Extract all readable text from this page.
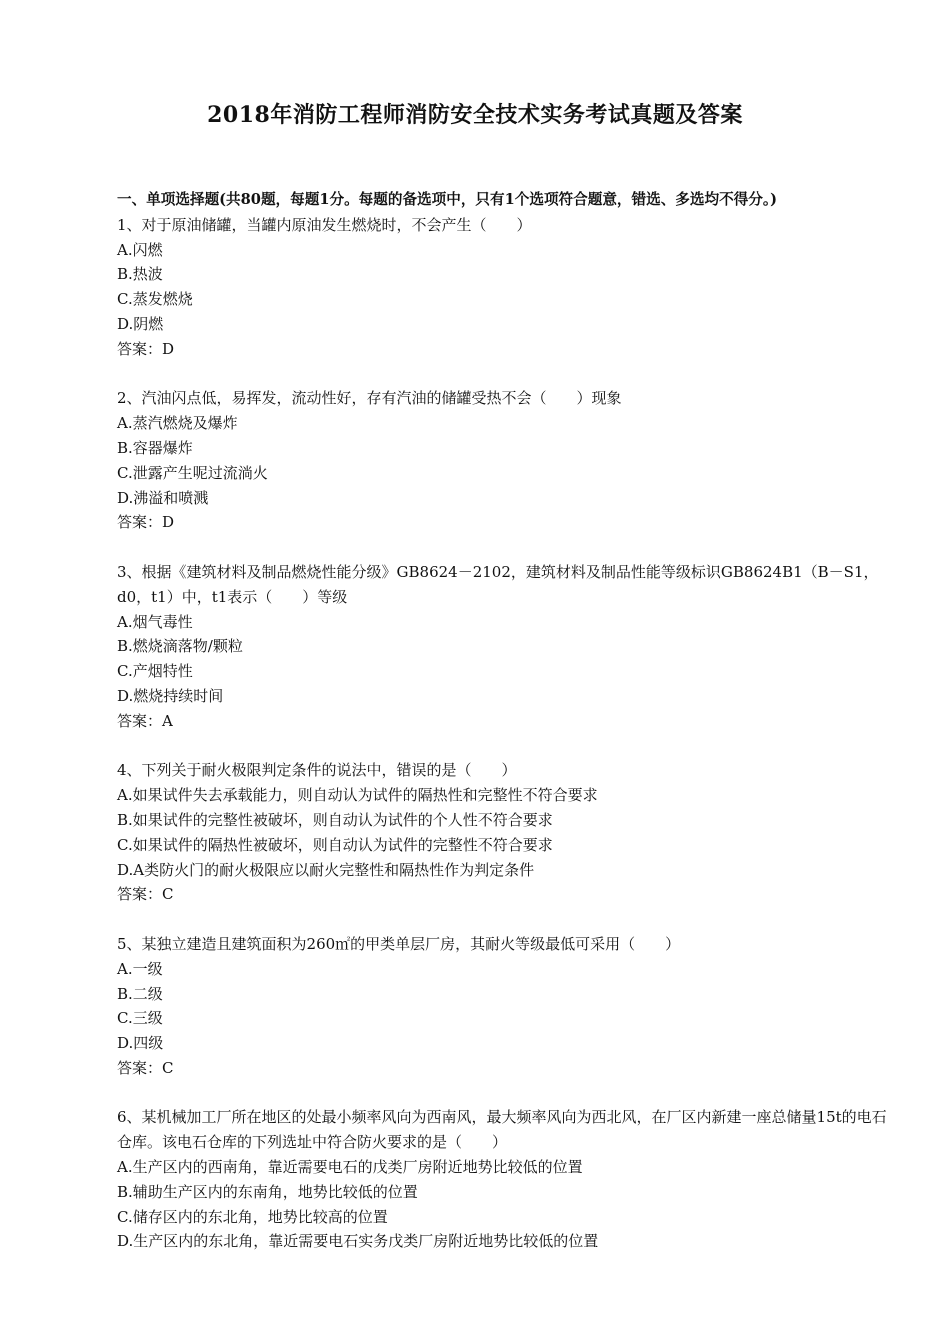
2018年消防工程师消防安全技术实务考试真题及答案
一、单项选择题(共80题，每题1分。每题的备选项中，只有1个选项符合题意，错选、多选均不得分。)
1、对于原油储罐，当罐内原油发生燃烧时，不会产生（　　）
A.闪燃
B.热波
C.蒸发燃烧
D.阴燃
答案：D
2、汽油闪点低，易挥发，流动性好，存有汽油的储罐受热不会（　　）现象
A.蒸汽燃烧及爆炸
B.容器爆炸
C.泄露产生呢过流淌火
D.沸溢和喷溅
答案：D
3、根据《建筑材料及制品燃烧性能分级》GB8624－2102，建筑材料及制品性能等级标识GB8624B1（B－S1，d0，t1）中，t1表示（　　）等级
A.烟气毒性
B.燃烧滴落物/颗粒
C.产烟特性
D.燃烧持续时间
答案：A
4、下列关于耐火极限判定条件的说法中，错误的是（　　）
A.如果试件失去承载能力，则自动认为试件的隔热性和完整性不符合要求
B.如果试件的完整性被破坏，则自动认为试件的个人性不符合要求
C.如果试件的隔热性被破坏，则自动认为试件的完整性不符合要求
D.A类防火门的耐火极限应以耐火完整性和隔热性作为判定条件
答案：C
5、某独立建造且建筑面积为260㎡的甲类单层厂房，其耐火等级最低可采用（　　）
A.一级
B.二级
C.三级
D.四级
答案：C
6、某机械加工厂所在地区的处最小频率风向为西南风，最大频率风向为西北风，在厂区内新建一座总储量15t的电石仓库。该电石仓库的下列选址中符合防火要求的是（　　）
A.生产区内的西南角，靠近需要电石的戊类厂房附近地势比较低的位置
B.辅助生产区内的东南角，地势比较低的位置
C.储存区内的东北角，地势比较高的位置
D.生产区内的东北角，靠近需要电石实务戊类厂房附近地势比较低的位置
